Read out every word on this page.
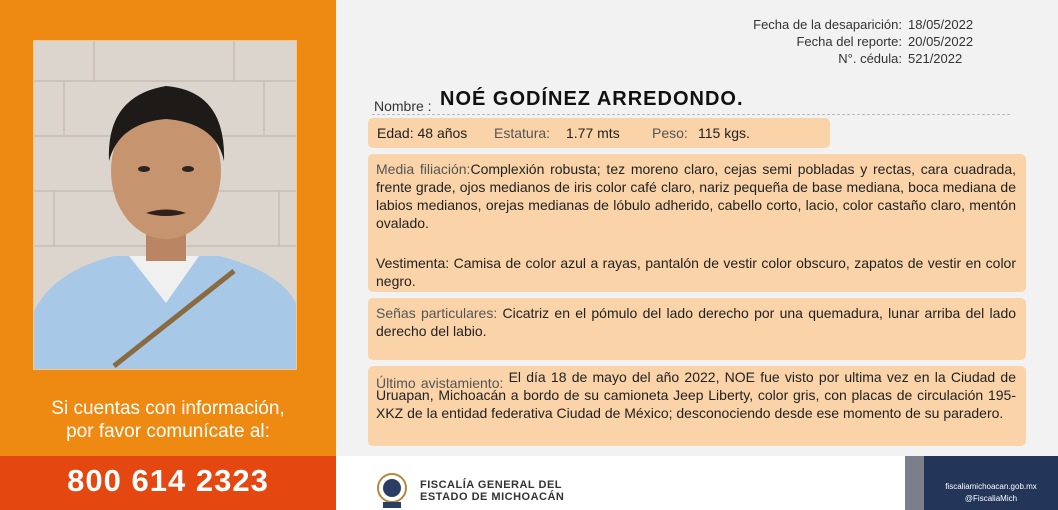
Si cuentas con información,
por favor comunícate al:
800 614 2323
Fecha de la desaparición:
Fecha del reporte:
N°. cédula:
18/05/2022
20/05/2022
521/2022
Nombre : NOÉ GODÍNEZ ARREDONDO.
Edad: 48 años Estatura: 1.77 mts Peso: 115 kgs.
Media filiación:Complexión robusta; tez moreno claro, cejas semi pobladas y rectas, cara cuadrada, frente grade, ojos medianos de iris color café claro, nariz pequeña de base mediana, boca mediana de labios medianos, orejas medianas de lóbulo adherido, cabello corto, lacio, color castaño claro, mentón ovalado.
Vestimenta: Camisa de color azul a rayas, pantalón de vestir color obscuro, zapatos de vestir en color negro.
Señas particulares: Cicatriz en el pómulo del lado derecho por una quemadura, lunar arriba del lado derecho del labio.
Último avistamiento: El día 18 de mayo del año 2022, NOE fue visto por ultima vez en la Ciudad de Uruapan, Michoacán a bordo de su camioneta Jeep Liberty, color gris, con placas de circulación 195-XKZ de la entidad federativa Ciudad de México; desconociendo desde ese momento de su paradero.
FISCALÍA GENERAL DEL
ESTADO DE MICHOACÁN
fiscaliamichoacan.gob.mx
@FiscaliaMich
